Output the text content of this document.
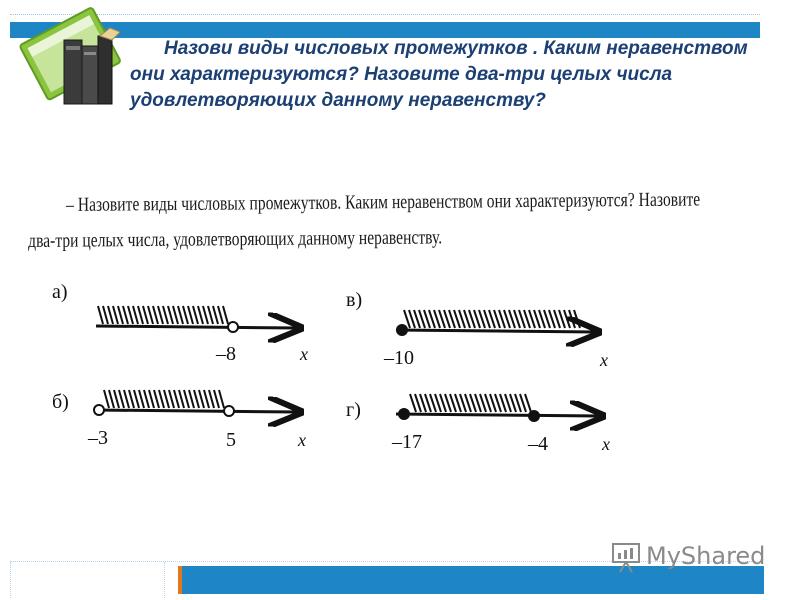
Назови виды числовых промежутков . Каким неравенством они характеризуются? Назовите два-три целых числа удовлетворяющих данному неравенству?
– Назовите виды числовых промежутков. Каким неравенством они характеризуются? Назовите
два-три целых числа, удовлетворяющих данному неравенству.
а)
–8	x
б)
–3	5	x
в)
–10	x
г)
–17	–4	x
MyShared
